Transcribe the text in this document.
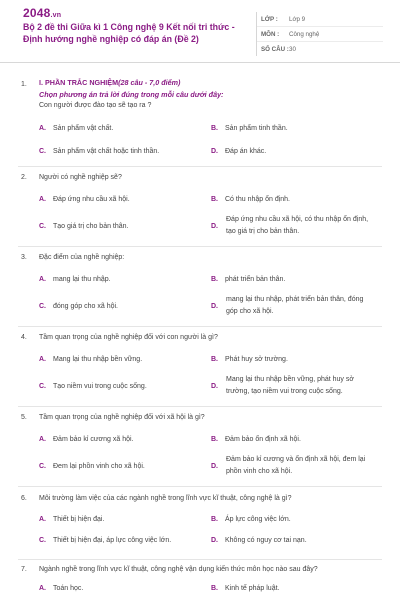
2048.vn
Bộ 2 đề thi Giữa kì 1 Công nghệ 9 Kết nối tri thức - Định hướng nghề nghiệp có đáp án (Đề 2)
LỚP :	Lớp 9
MÔN :	Công nghệ
SỐ CÂU : 30
1. I. PHẦN TRẮC NGHIỆM(28 câu - 7,0 điểm)
Chọn phương án trả lời đúng trong mỗi câu dưới đây:
Con người được đào tạo sẽ tạo ra ?
A. Sản phẩm vật chất.	B. Sản phẩm tinh thần.
C. Sản phẩm vật chất hoặc tinh thần.	D. Đáp án khác.
2. Người có nghề nghiệp sẽ?
A. Đáp ứng nhu cầu xã hội.	B. Có thu nhập ổn định.
C. Tạo giá trị cho bản thân.	D.
Đáp ứng nhu cầu xã hội, có thu nhập ổn định, tạo giá trị cho bản thân.
3. Đặc điểm của nghề nghiệp:
A. mang lại thu nhập.	B. phát triển bản thân.
C. đóng góp cho xã hội.	D.
mang lại thu nhập, phát triển bản thân, đóng góp cho xã hội.
4. Tầm quan trọng của nghề nghiệp đối với con người là gì?
A. Mang lại thu nhập bền vững.	B. Phát huy sở trường.
C. Tạo niềm vui trong cuộc sống.	D.
Mang lại thu nhập bền vững, phát huy sở trường, tạo niềm vui trong cuộc sống.
5. Tầm quan trọng của nghề nghiệp đối với xã hội là gì?
A. Đảm bảo kỉ cương xã hội.	B. Đảm bảo ổn định xã hội.
C. Đem lại phồn vinh cho xã hội.	D.
Đảm bảo kỉ cương và ổn định xã hội, đem lại phồn vinh cho xã hội.
6. Môi trường làm việc của các ngành nghề trong lĩnh vực kĩ thuật, công nghệ là gì?
A. Thiết bị hiện đại.	B. Áp lực công việc lớn.
C. Thiết bị hiện đại, áp lực công việc lớn.	D. Không có nguy cơ tai nạn.
7. Ngành nghề trong lĩnh vực kĩ thuật, công nghệ vận dụng kiến thức môn học nào sau đây?
A. Toán học.	B. Kinh tế pháp luật.
